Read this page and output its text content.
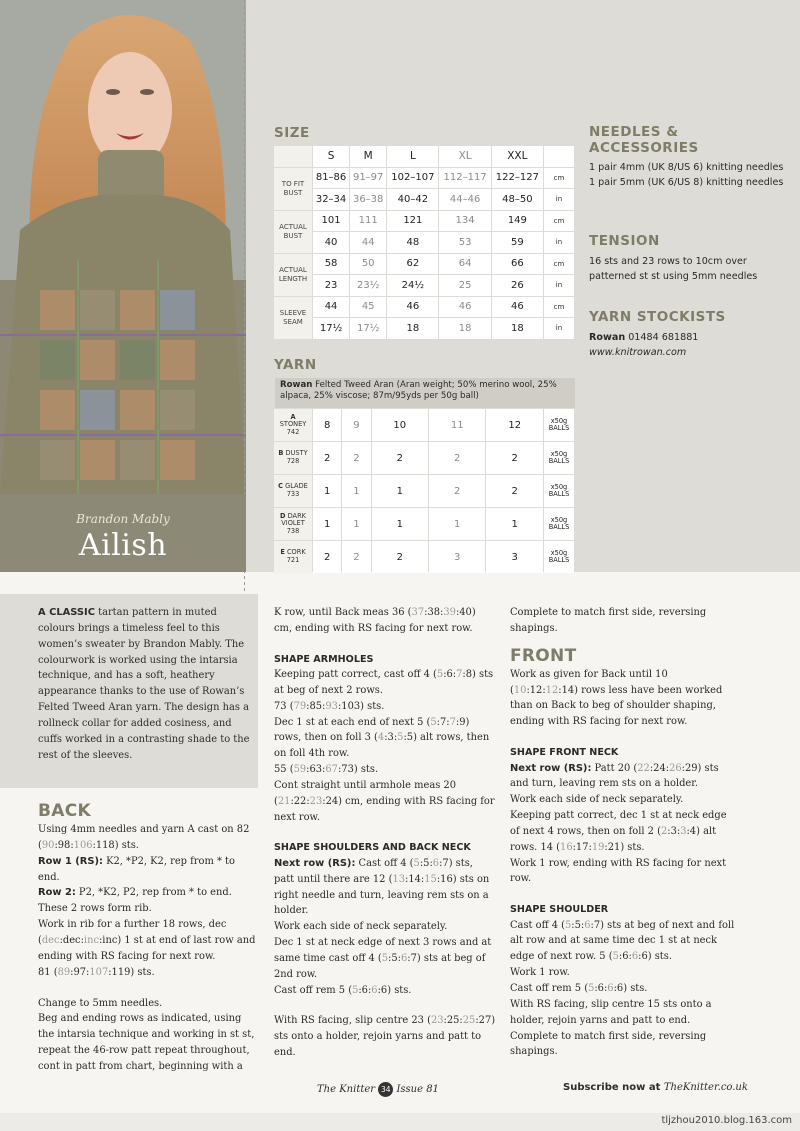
Brandon Mably
Ailish
SIZE
	S	M	L	XL	XXL	
TO FIT BUST	81–86	91–97	102–107	112–117	122–127	cm
	32–34	36–38	40–42	44–46	48–50	in
ACTUAL BUST	101	111	121	134	149	cm
	40	44	48	53	59	in
ACTUAL LENGTH	58	50	62	64	66	cm
	23	23½	24½	25	26	in
SLEEVE SEAM	44	45	46	46	46	cm
	17½	17½	18	18	18	in
YARN
Rowan Felted Tweed Aran (Aran weight; 50% merino wool, 25% alpaca, 25% viscose; 87m/95yds per 50g ball)
A
STONEY
742	8	9	10	11	12	x50g BALLS
B DUSTY
728	2	2	2	2	2	x50g BALLS
C GLADE
733	1	1	1	2	2	x50g BALLS
D DARK VIOLET
738	1	1	1	1	1	x50g BALLS
E CORK
721	2	2	2	3	3	x50g BALLS
NEEDLES & ACCESSORIES

1 pair 4mm (UK 8/US 6) knitting needles

1 pair 5mm (UK 6/US 8) knitting needles

TENSION

16 sts and 23 rows to 10cm over patterned st st using 5mm needles

YARN STOCKISTS

Rowan 01484 681881
www.knitrowan.com

A CLASSIC tartan pattern in muted colours brings a timeless feel to this women’s sweater by Brandon Mably. The colourwork is worked using the intarsia technique, and has a soft, heathery appearance thanks to the use of Rowan’s Felted Tweed Aran yarn. The design has a rollneck collar for added cosiness, and cuffs worked in a contrasting shade to the rest of the sleeves.

BACK

Using 4mm needles and yarn A cast on 82 (90:98:106:118) sts.

Row 1 (RS): K2, *P2, K2, rep from * to end.

Row 2: P2, *K2, P2, rep from * to end.

These 2 rows form rib.

Work in rib for a further 18 rows, dec (dec:dec:inc:inc) 1 st at end of last row and ending with RS facing for next row.

81 (89:97:107:119) sts.

Change to 5mm needles.

Beg and ending rows as indicated, using the intarsia technique and working in st st, repeat the 46-row patt repeat throughout, cont in patt from chart, beginning with a

K row, until Back meas 36 (37:38:39:40) cm, ending with RS facing for next row.

SHAPE ARMHOLES

Keeping patt correct, cast off 4 (5:6:7:8) sts at beg of next 2 rows.

73 (79:85:93:103) sts.

Dec 1 st at each end of next 5 (5:7:7:9) rows, then on foll 3 (4:3:5:5) alt rows, then on foll 4th row.

55 (59:63:67:73) sts.

Cont straight until armhole meas 20 (21:22:23:24) cm, ending with RS facing for next row.

SHAPE SHOULDERS AND BACK NECK

Next row (RS): Cast off 4 (5:5:6:7) sts, patt until there are 12 (13:14:15:16) sts on right needle and turn, leaving rem sts on a holder.

Work each side of neck separately.

Dec 1 st at neck edge of next 3 rows and at same time cast off 4 (5:5:6:7) sts at beg of 2nd row.

Cast off rem 5 (5:6:6:6) sts.

With RS facing, slip centre 23 (23:25:25:27) sts onto a holder, rejoin yarns and patt to end.

Complete to match first side, reversing shapings.

FRONT

Work as given for Back until 10 (10:12:12:14) rows less have been worked than on Back to beg of shoulder shaping, ending with RS facing for next row.

SHAPE FRONT NECK

Next row (RS): Patt 20 (22:24:26:29) sts and turn, leaving rem sts on a holder.

Work each side of neck separately.

Keeping patt correct, dec 1 st at neck edge of next 4 rows, then on foll 2 (2:3:3:4) alt rows. 14 (16:17:19:21) sts.

Work 1 row, ending with RS facing for next row.

SHAPE SHOULDER

Cast off 4 (5:5:6:7) sts at beg of next and foll alt row and at same time dec 1 st at neck edge of next row. 5 (5:6:6:6) sts.

Work 1 row.

Cast off rem 5 (5:6:6:6) sts.

With RS facing, slip centre 15 sts onto a holder, rejoin yarns and patt to end.

Complete to match first side, reversing shapings.

The Knitter 34 Issue 81	Subscribe now at TheKnitter.co.uk
tljzhou2010.blog.163.com
